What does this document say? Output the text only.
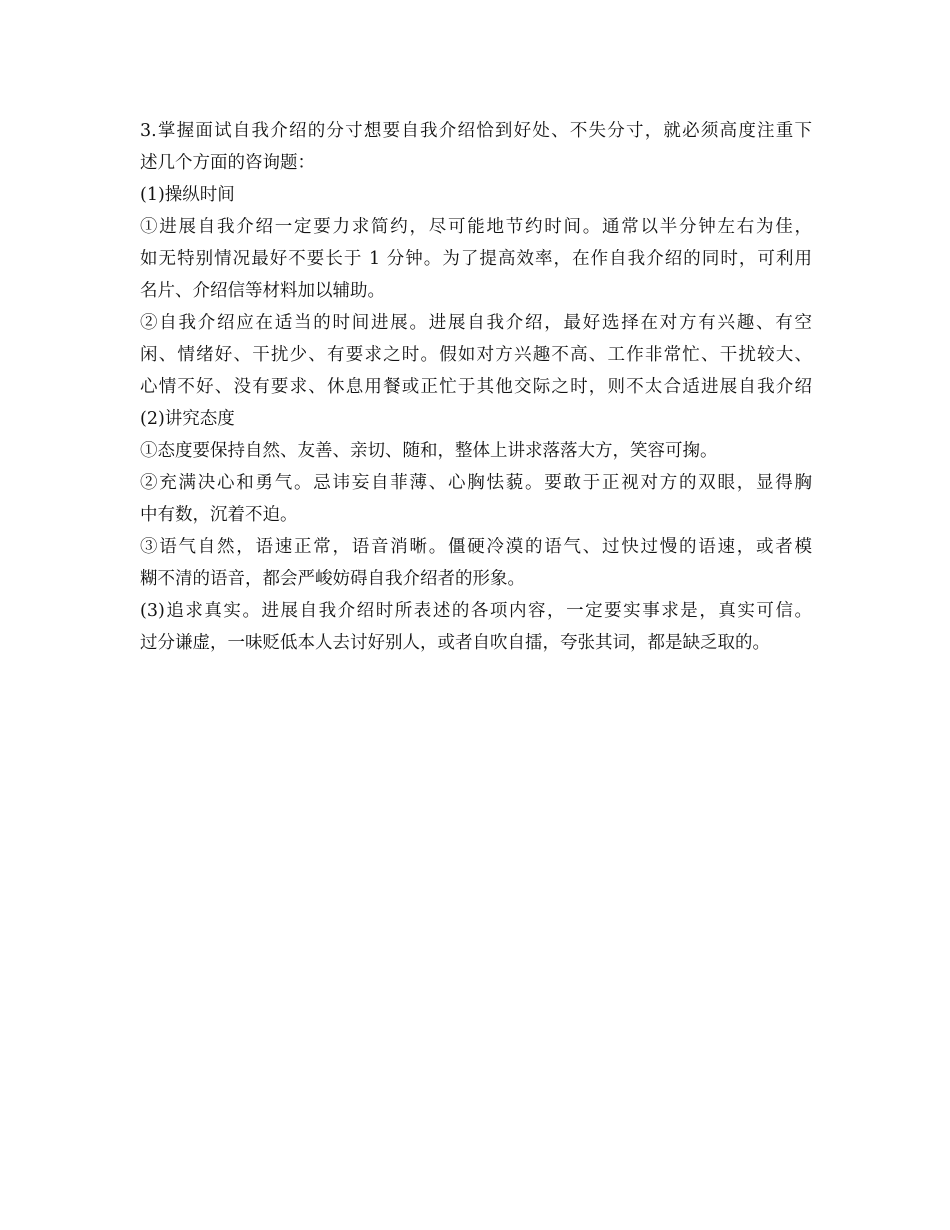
3.掌握面试自我介绍的分寸想要自我介绍恰到好处、不失分寸，就必须高度注重下
述几个方面的咨询题：
(1)操纵时间
①进展自我介绍一定要力求简约，尽可能地节约时间。通常以半分钟左右为佳，
如无特别情况最好不要长于 1 分钟。为了提高效率，在作自我介绍的同时，可利用
名片、介绍信等材料加以辅助。
②自我介绍应在适当的时间进展。进展自我介绍，最好选择在对方有兴趣、有空
闲、情绪好、干扰少、有要求之时。假如对方兴趣不高、工作非常忙、干扰较大、
心情不好、没有要求、休息用餐或正忙于其他交际之时，则不太合适进展自我介绍
(2)讲究态度
①态度要保持自然、友善、亲切、随和，整体上讲求落落大方，笑容可掬。
②充满决心和勇气。忌讳妄自菲薄、心胸怯藐。要敢于正视对方的双眼，显得胸
中有数，沉着不迫。
③语气自然，语速正常，语音消晰。僵硬冷漠的语气、过快过慢的语速，或者模
糊不清的语音，都会严峻妨碍自我介绍者的形象。
(3)追求真实。进展自我介绍时所表述的各项内容，一定要实事求是，真实可信。
过分谦虚，一味贬低本人去讨好别人，或者自吹自擂，夸张其词，都是缺乏取的。
